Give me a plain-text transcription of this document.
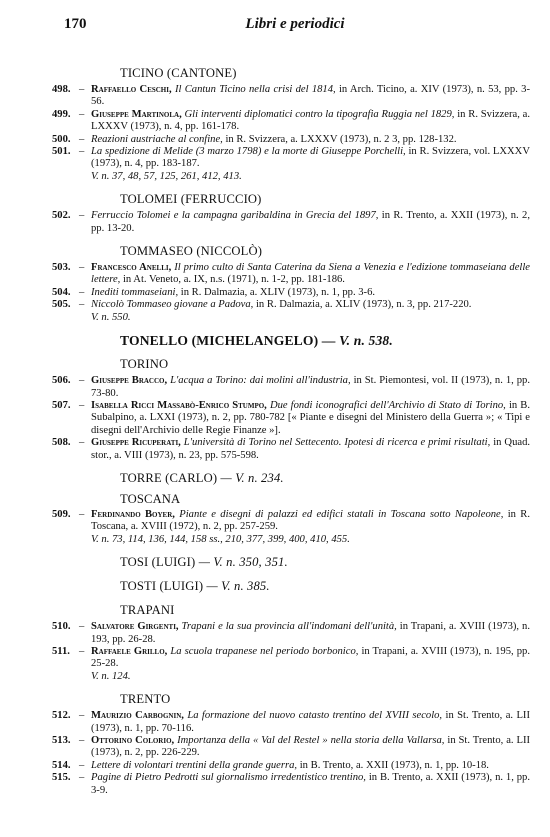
170	Libri e periodici
TICINO (CANTONE)
498. – Raffaello Ceschi, Il Cantun Ticino nella crisi del 1814, in Arch. Ticino, a. XIV (1973), n. 53, pp. 3-56.
499. – Giuseppe Martinola, Gli interventi diplomatici contro la tipografia Ruggia nel 1829, in R. Svizzera, a. LXXXV (1973), n. 4, pp. 161-178.
500. – Reazioni austriache al confine, in R. Svizzera, a. LXXXV (1973), n. 2 3, pp. 128-132.
501. – La spedizione di Melide (3 marzo 1798) e la morte di Giuseppe Porchelli, in R. Svizzera, vol. LXXXV (1973), n. 4, pp. 183-187.
V. n. 37, 48, 57, 125, 261, 412, 413.
TOLOMEI (FERRUCCIO)
502. – Ferruccio Tolomei e la campagna garibaldina in Grecia del 1897, in R. Trento, a. XXII (1973), n. 2, pp. 13-20.
TOMMASEO (NICCOLÒ)
503. – Francesco Anelli, Il primo culto di Santa Caterina da Siena a Venezia e l'edizione tommaseiana delle lettere, in At. Veneto, a. IX, n.s. (1971), n. 1-2, pp. 181-186.
504. – Inediti tommaseiani, in R. Dalmazia, a. XLIV (1973), n. 1, pp. 3-6.
505. – Niccolò Tommaseo giovane a Padova, in R. Dalmazia, a. XLIV (1973), n. 3, pp. 217-220.
V. n. 550.
TONELLO (MICHELANGELO) — V. n. 538.
TORINO
506. – Giuseppe Bracco, L'acqua a Torino: dai molini all'industria, in St. Piemontesi, vol. II (1973), n. 1, pp. 73-80.
507. – Isabella Ricci Massabò-Enrico Stumpo, Due fondi iconografici dell'Archivio di Stato di Torino, in B. Subalpino, a. LXXI (1973), n. 2, pp. 780-782 [« Piante e disegni del Ministero della Guerra »; « Tipi e disegni dell'Archivio delle Regie Finanze »].
508. – Giuseppe Ricuperati, L'università di Torino nel Settecento. Ipotesi di ricerca e primi risultati, in Quad. stor., a. VIII (1973), n. 23, pp. 575-598.
TORRE (CARLO) — V. n. 234.
TOSCANA
509. – Ferdinando Boyer, Piante e disegni di palazzi ed edifici statali in Toscana sotto Napoleone, in R. Toscana, a. XVIII (1972), n. 2, pp. 257-259.
V. n. 73, 114, 136, 144, 158 ss., 210, 377, 399, 400, 410, 455.
TOSI (LUIGI) — V. n. 350, 351.
TOSTI (LUIGI) — V. n. 385.
TRAPANI
510. – Salvatore Girgenti, Trapani e la sua provincia all'indomani dell'unità, in Trapani, a. XVIII (1973), n. 193, pp. 26-28.
511. – Raffaele Grillo, La scuola trapanese nel periodo borbonico, in Trapani, a. XVIII (1973), n. 195, pp. 25-28.
V. n. 124.
TRENTO
512. – Maurizio Carbognin, La formazione del nuovo catasto trentino del XVIII secolo, in St. Trento, a. LII (1973), n. 1, pp. 70-116.
513. – Ottorino Colorio, Importanza della « Val del Restel » nella storia della Vallarsa, in St. Trento, a. LII (1973), n. 2, pp. 226-229.
514. – Lettere di volontari trentini della grande guerra, in B. Trento, a. XXII (1973), n. 1, pp. 10-18.
515. – Pagine di Pietro Pedrotti sul giornalismo irredentistico trentino, in B. Trento, a. XXII (1973), n. 1, pp. 3-9.
